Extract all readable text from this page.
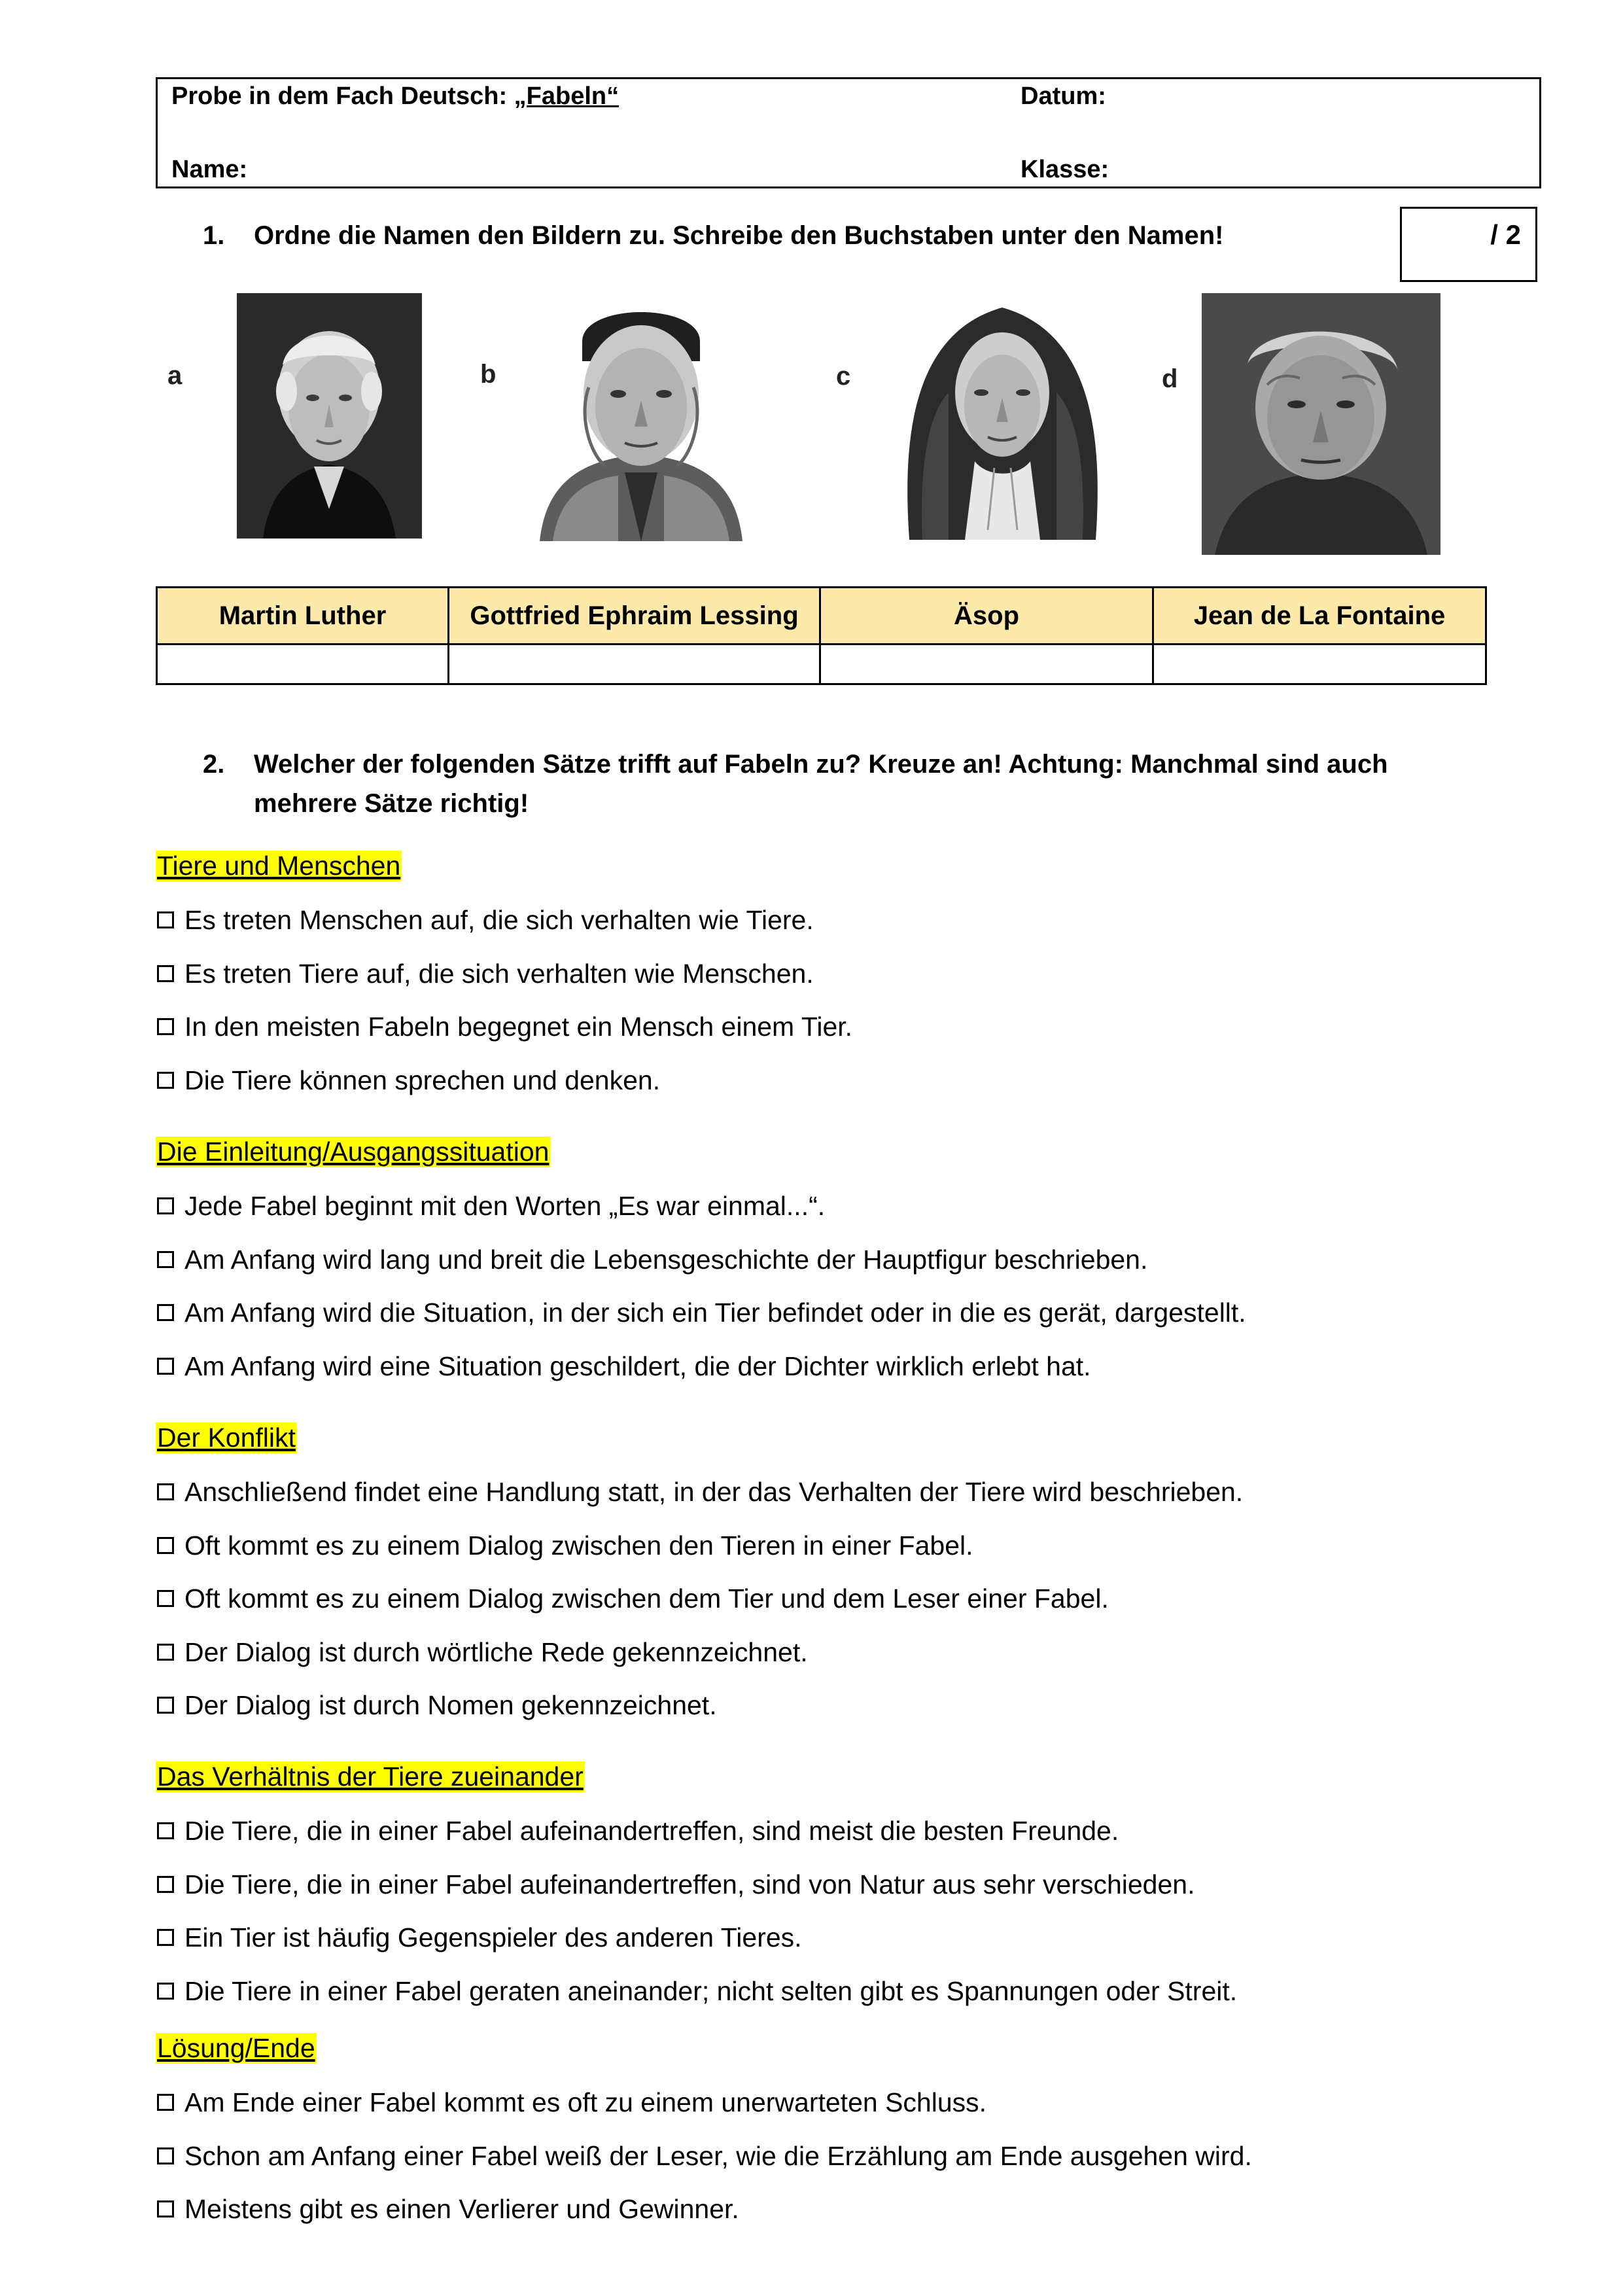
Probe in dem Fach Deutsch: „Fabeln“	Datum:
Name:	Klasse:
1. Ordne die Namen den Bildern zu. Schreibe den Buchstaben unter den Namen!	/ 2
a	b	c	d
Martin Luther	Gottfried Ephraim Lessing	Äsop	Jean de La Fontaine

2. Welcher der folgenden Sätze trifft auf Fabeln zu? Kreuze an! Achtung: Manchmal sind auch
mehrere Sätze richtig!
Tiere und Menschen
Es treten Menschen auf, die sich verhalten wie Tiere.
Es treten Tiere auf, die sich verhalten wie Menschen.
In den meisten Fabeln begegnet ein Mensch einem Tier.
Die Tiere können sprechen und denken.
Die Einleitung/Ausgangssituation
Jede Fabel beginnt mit den Worten „Es war einmal...“.
Am Anfang wird lang und breit die Lebensgeschichte der Hauptfigur beschrieben.
Am Anfang wird die Situation, in der sich ein Tier befindet oder in die es gerät, dargestellt.
Am Anfang wird eine Situation geschildert, die der Dichter wirklich erlebt hat.
Der Konflikt
Anschließend findet eine Handlung statt, in der das Verhalten der Tiere wird beschrieben.
Oft kommt es zu einem Dialog zwischen den Tieren in einer Fabel.
Oft kommt es zu einem Dialog zwischen dem Tier und dem Leser einer Fabel.
Der Dialog ist durch wörtliche Rede gekennzeichnet.
Der Dialog ist durch Nomen gekennzeichnet.
Das Verhältnis der Tiere zueinander
Die Tiere, die in einer Fabel aufeinandertreffen, sind meist die besten Freunde.
Die Tiere, die in einer Fabel aufeinandertreffen, sind von Natur aus sehr verschieden.
Ein Tier ist häufig Gegenspieler des anderen Tieres.
Die Tiere in einer Fabel geraten aneinander; nicht selten gibt es Spannungen oder Streit.
Lösung/Ende
Am Ende einer Fabel kommt es oft zu einem unerwarteten Schluss.
Schon am Anfang einer Fabel weiß der Leser, wie die Erzählung am Ende ausgehen wird.
Meistens gibt es einen Verlierer und Gewinner.
